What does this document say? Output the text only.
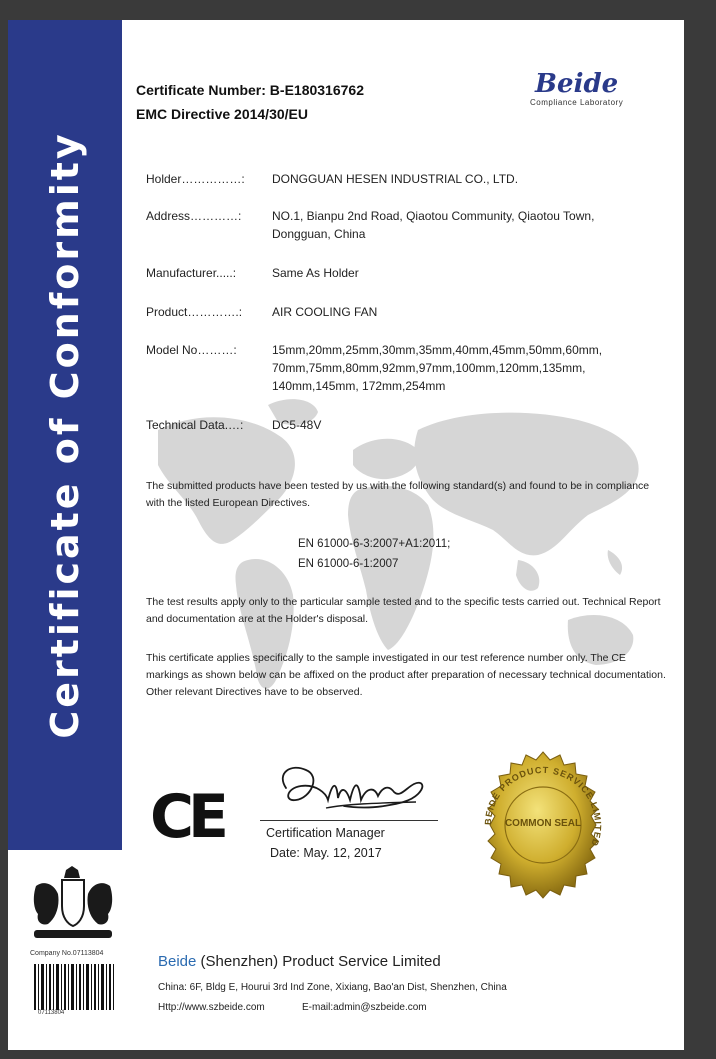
Certificate of Conformity
Certificate Number: B-E180316762
EMC Directive 2014/30/EU
Beide
Compliance Laboratory
Holder……………: DONGGUAN HESEN INDUSTRIAL CO., LTD.
Address…………:	NO.1, Bianpu 2nd Road, Qiaotou Community, Qiaotou Town, Dongguan, China
Manufacturer.....:	Same As Holder
Product………….: AIR COOLING FAN
Model No………:	15mm,20mm,25mm,30mm,35mm,40mm,45mm,50mm,60mm, 70mm,75mm,80mm,92mm,97mm,100mm,120mm,135mm, 140mm,145mm, 172mm,254mm
Technical Data.…: DC5-48V
The submitted products have been tested by us with the following standard(s) and found to be in compliance with the listed European Directives.
EN 61000-6-3:2007+A1:2011;
EN 61000-6-1:2007
The test results apply only to the particular sample tested and to the specific tests carried out. Technical Report and documentation are at the Holder's disposal.
This certificate applies specifically to the sample investigated in our test reference number only. The CE markings as shown below can be affixed on the product after preparation of necessary technical documentation. Other relevant Directives have to be observed.
CE	Certification Manager
Date: May. 12, 2017
BEIDE PRODUCT SERVICE LIMITED
COMMON SEAL
Company No.07113804
07113804
Beide (Shenzhen) Product Service Limited
China: 6F, Bldg E, Hourui 3rd Ind Zone, Xixiang, Bao'an Dist, Shenzhen, China
Http://www.szbeide.com	E-mail:admin@szbeide.com
